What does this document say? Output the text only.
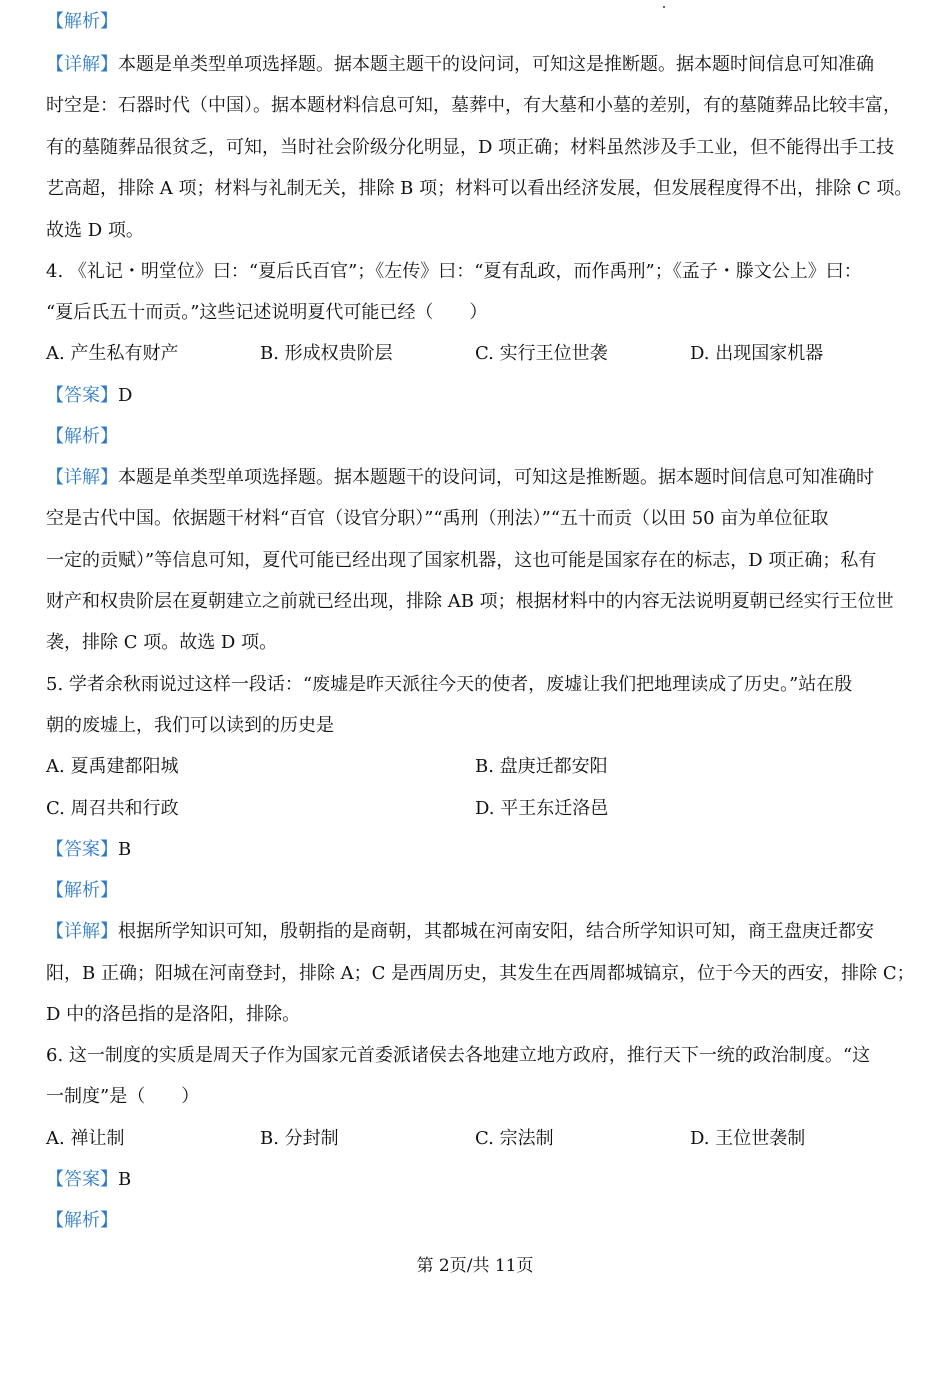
【解析】
【详解】本题是单类型单项选择题。据本题主题干的设问词，可知这是推断题。据本题时间信息可知准确
时空是：石器时代（中国）。据本题材料信息可知，墓葬中，有大墓和小墓的差别，有的墓随葬品比较丰富，
有的墓随葬品很贫乏，可知，当时社会阶级分化明显，D 项正确；材料虽然涉及手工业，但不能得出手工技
艺高超，排除 A 项；材料与礼制无关，排除 B 项；材料可以看出经济发展，但发展程度得不出，排除 C 项。
故选 D 项。
4. 《礼记・明堂位》曰：“夏后氏百官”；《左传》曰：“夏有乱政，而作禹刑”；《孟子・滕文公上》曰：
“夏后氏五十而贡。”这些记述说明夏代可能已经（　　）
A. 产生私有财产	B. 形成权贵阶层	C. 实行王位世袭	D. 出现国家机器
【答案】D
【解析】
【详解】本题是单类型单项选择题。据本题题干的设问词，可知这是推断题。据本题时间信息可知准确时
空是古代中国。依据题干材料“百官（设官分职）”“禹刑（刑法）”“五十而贡（以田 50 亩为单位征取
一定的贡赋）”等信息可知，夏代可能已经出现了国家机器，这也可能是国家存在的标志，D 项正确；私有
财产和权贵阶层在夏朝建立之前就已经出现，排除 AB 项；根据材料中的内容无法说明夏朝已经实行王位世
袭，排除 C 项。故选 D 项。
5. 学者余秋雨说过这样一段话：“废墟是昨天派往今天的使者，废墟让我们把地理读成了历史。”站在殷
朝的废墟上，我们可以读到的历史是
A. 夏禹建都阳城	B. 盘庚迁都安阳
C. 周召共和行政	D. 平王东迁洛邑
【答案】B
【解析】
【详解】根据所学知识可知，殷朝指的是商朝，其都城在河南安阳，结合所学知识可知，商王盘庚迁都安
阳，B 正确；阳城在河南登封，排除 A；C 是西周历史，其发生在西周都城镐京，位于今天的西安，排除 C；
D 中的洛邑指的是洛阳，排除。
6. 这一制度的实质是周天子作为国家元首委派诸侯去各地建立地方政府，推行天下一统的政治制度。“这
一制度”是（　　）
A. 禅让制	B. 分封制	C. 宗法制	D. 王位世袭制
【答案】B
【解析】
第 2页/共 11页
